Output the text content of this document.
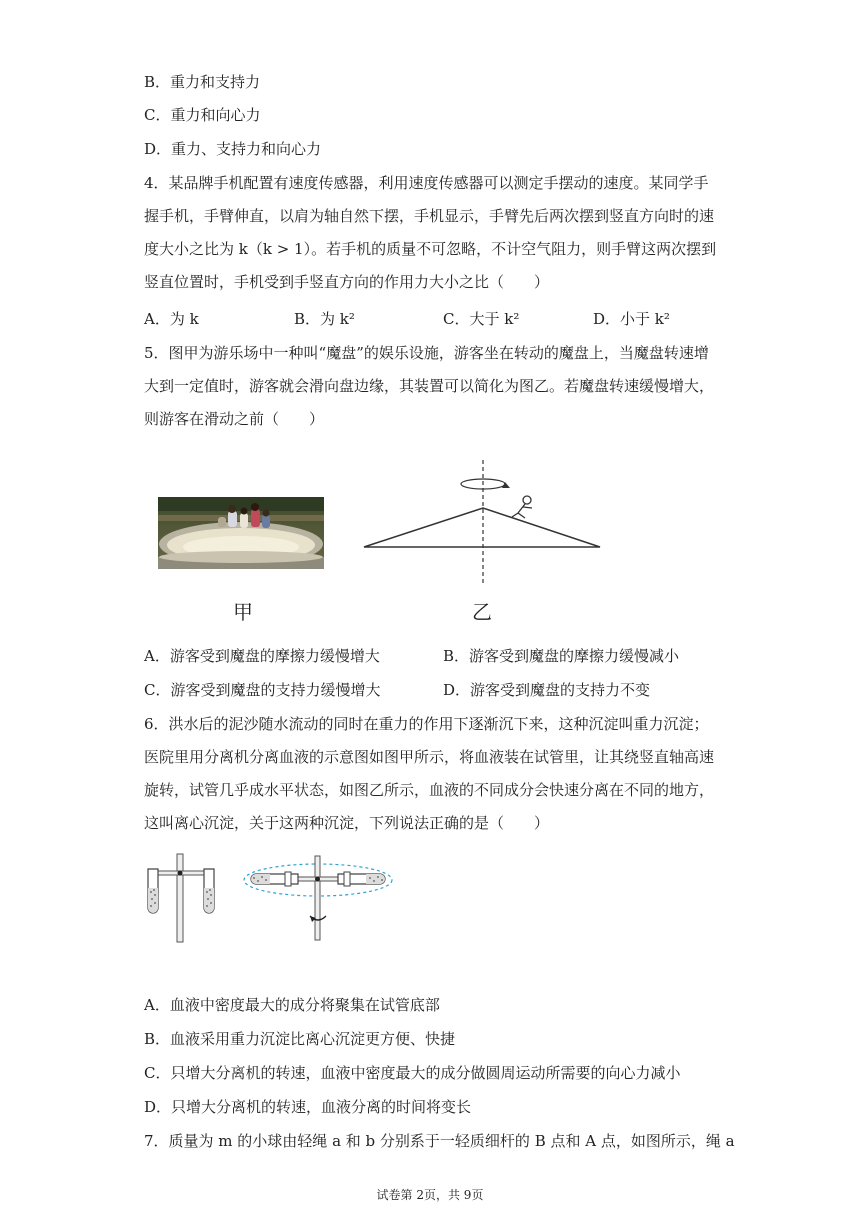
B．重力和支持力
C．重力和向心力
D．重力、支持力和向心力
4．某品牌手机配置有速度传感器，利用速度传感器可以测定手摆动的速度。某同学手
握手机，手臂伸直，以肩为轴自然下摆，手机显示，手臂先后两次摆到竖直方向时的速
度大小之比为 k（k > 1）。若手机的质量不可忽略，不计空气阻力，则手臂这两次摆到
竖直位置时，手机受到手竖直方向的作用力大小之比（　　）
A．为 k	B．为 k²	C．大于 k²	D．小于 k²
5．图甲为游乐场中一种叫“魔盘”的娱乐设施，游客坐在转动的魔盘上，当魔盘转速增
大到一定值时，游客就会滑向盘边缘，其装置可以简化为图乙。若魔盘转速缓慢增大，
则游客在滑动之前（　　）
甲	乙
A．游客受到魔盘的摩擦力缓慢增大	B．游客受到魔盘的摩擦力缓慢减小
C．游客受到魔盘的支持力缓慢增大	D．游客受到魔盘的支持力不变
6．洪水后的泥沙随水流动的同时在重力的作用下逐渐沉下来，这种沉淀叫重力沉淀；
医院里用分离机分离血液的示意图如图甲所示，将血液装在试管里，让其绕竖直轴高速
旋转，试管几乎成水平状态，如图乙所示，血液的不同成分会快速分离在不同的地方，
这叫离心沉淀，关于这两种沉淀，下列说法正确的是（　　）
A．血液中密度最大的成分将聚集在试管底部
B．血液采用重力沉淀比离心沉淀更方便、快捷
C．只增大分离机的转速，血液中密度最大的成分做圆周运动所需要的向心力减小
D．只增大分离机的转速，血液分离的时间将变长
7．质量为 m 的小球由轻绳 a 和 b 分别系于一轻质细杆的 B 点和 A 点，如图所示，绳 a
试卷第 2页，共 9页
